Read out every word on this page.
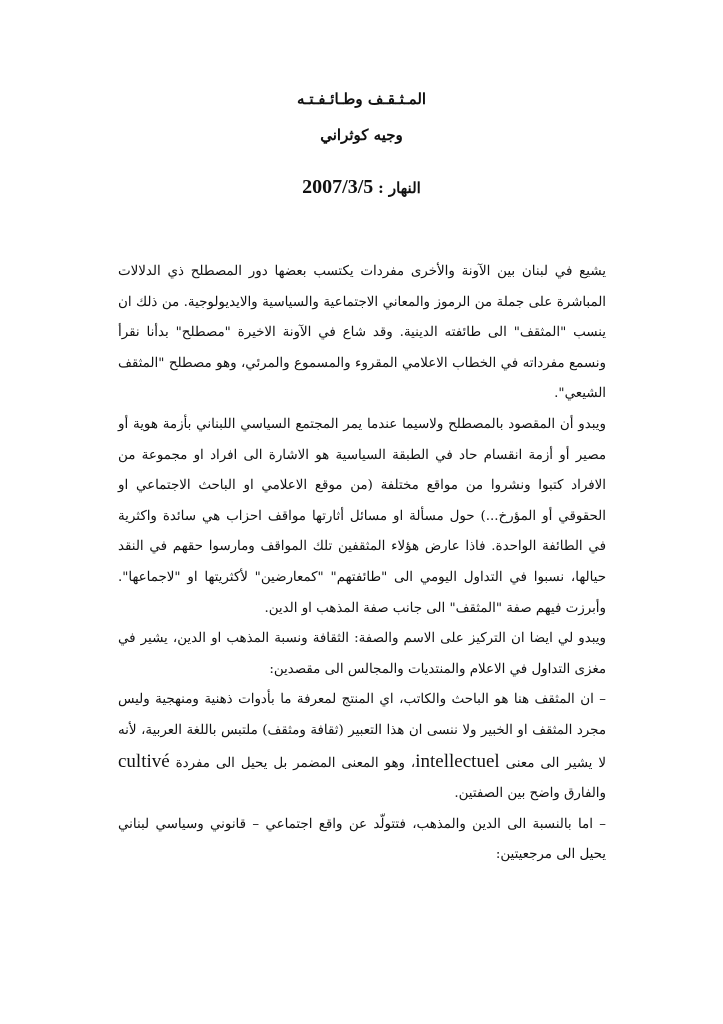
المـثـقـف وطـائـفـتـه

وجيه كوثراني

النهار : 2007/3/5

يشيع في لبنان بين الآونة والأخرى مفردات يكتسب بعضها دور المصطلح ذي الدلالات المباشرة على جملة من الرموز والمعاني الاجتماعية والسياسية والايديولوجية. من ذلك ان ينسب "المثقف" الى طائفته الدينية. وقد شاع في الآونة الاخيرة "مصطلح" بدأنا نقرأ ونسمع مفرداته في الخطاب الاعلامي المقروء والمسموع والمرئي، وهو مصطلح "المثقف الشيعي".

ويبدو أن المقصود بالمصطلح ولاسيما عندما يمر المجتمع السياسي اللبناني بأزمة هوية أو مصير أو أزمة انقسام حاد في الطبقة السياسية هو الاشارة الى افراد او مجموعة من الافراد كتبوا ونشروا من مواقع مختلفة (من موقع الاعلامي او الباحث الاجتماعي او الحقوقي أو المؤرخ...) حول مسألة او مسائل أثارتها مواقف احزاب هي سائدة واكثرية في الطائفة الواحدة. فاذا عارض هؤلاء المثقفين تلك المواقف ومارسوا حقهم في النقد حيالها، نسبوا في التداول اليومي الى "طائفتهم" "كمعارضين" لأكثريتها او "لاجماعها". وأبرزت فيهم صفة "المثقف" الى جانب صفة المذهب او الدين.

ويبدو لي ايضا ان التركيز على الاسم والصفة: الثقافة ونسبة المذهب او الدين، يشير في مغزى التداول في الاعلام والمنتديات والمجالس الى مقصدين:

– ان المثقف هنا هو الباحث والكاتب، اي المنتج لمعرفة ما بأدوات ذهنية ومنهجية وليس مجرد المثقف او الخبير ولا ننسى ان هذا التعبير (ثقافة ومثقف) ملتبس باللغة العربية، لأنه لا يشير الى معنى intellectuel، وهو المعنى المضمر بل يحيل الى مفردة cultivé والفارق واضح بين الصفتين.

– اما بالنسبة الى الدين والمذهب، فتتولّد عن واقع اجتماعي – قانوني وسياسي لبناني يحيل الى مرجعيتين:
